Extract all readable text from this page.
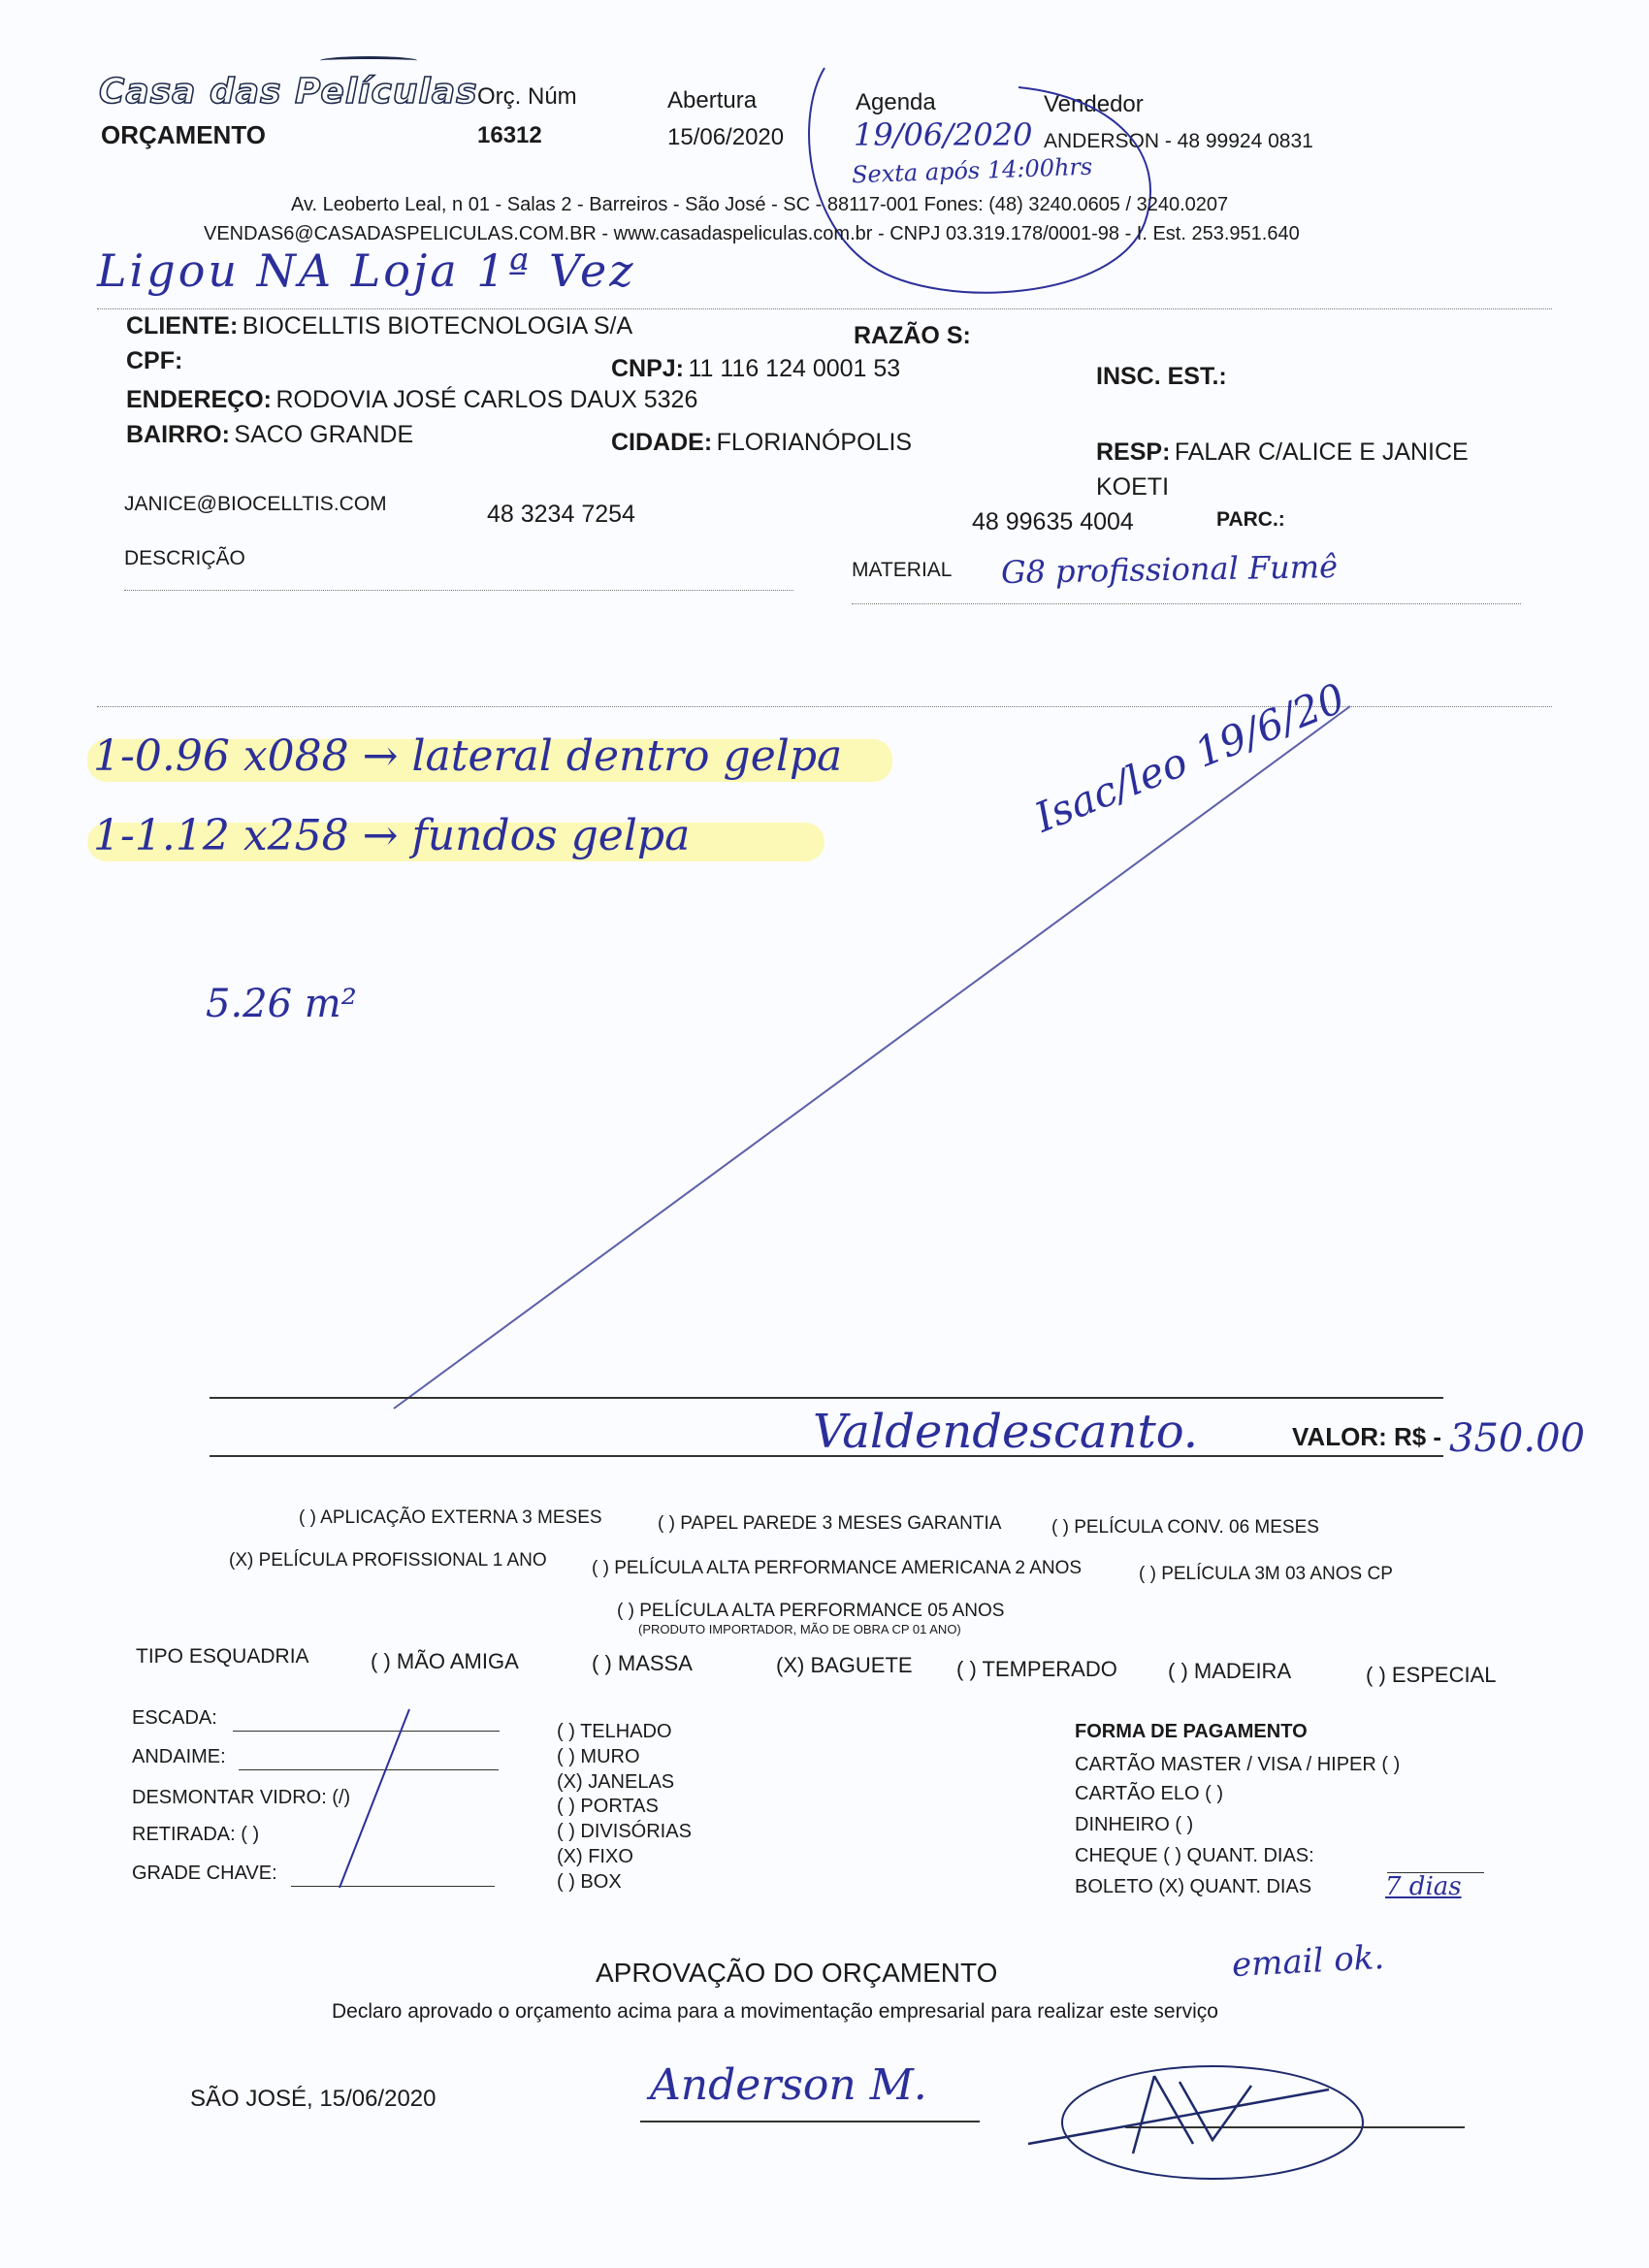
Casa das Películas
ORÇAMENTO
Orç. Núm
16312
Abertura
15/06/2020
Agenda
19/06/2020
Sexta após 14:00hrs
Vendedor
ANDERSON - 48 99924 0831
Av. Leoberto Leal, n 01 - Salas 2 - Barreiros - São José - SC - 88117-001 Fones: (48) 3240.0605 / 3240.0207
VENDAS6@CASADASPELICULAS.COM.BR - www.casadaspeliculas.com.br - CNPJ 03.319.178/0001-98 - I. Est. 253.951.640
Ligou NA Loja 1ª Vez
CLIENTE: BIOCELLTIS BIOTECNOLOGIA S/A	RAZÃO S:
CPF:	CNPJ: 11 116 124 0001 53	INSC. EST.:
ENDEREÇO: RODOVIA JOSÉ CARLOS DAUX 5326
BAIRRO: SACO GRANDE	CIDADE: FLORIANÓPOLIS	RESP: FALAR C/ALICE E JANICE
KOETI
JANICE@BIOCELLTIS.COM	48 3234 7254	48 99635 4004	PARC.:
DESCRIÇÃO
MATERIAL G8 profissional Fumê
1-0.96 x088 → lateral dentro gelpa
1-1.12 x258 → fundos gelpa	Isac/leo 19/6/20
5.26 m²
Valdendescanto.	VALOR: R$ - 350.00
( ) APLICAÇÃO EXTERNA 3 MESES	( ) PAPEL PAREDE 3 MESES GARANTIA	( ) PELÍCULA CONV. 06 MESES
(X) PELÍCULA PROFISSIONAL 1 ANO ( ) PELÍCULA ALTA PERFORMANCE AMERICANA 2 ANOS	( ) PELÍCULA 3M 03 ANOS CP
( ) PELÍCULA ALTA PERFORMANCE 05 ANOS
(PRODUTO IMPORTADOR, MÃO DE OBRA CP 01 ANO)
TIPO ESQUADRIA	( ) MÃO AMIGA	( ) MASSA	(X) BAGUETE ( ) TEMPERADO ( ) MADEIRA	( ) ESPECIAL
ESCADA:
ANDAIME:
DESMONTAR VIDRO: (/)
RETIRADA: ( )
GRADE CHAVE:
( ) TELHADO
( ) MURO
(X) JANELAS
( ) PORTAS
( ) DIVISÓRIAS
(X) FIXO
( ) BOX
FORMA DE PAGAMENTO
CARTÃO MASTER / VISA / HIPER ( )
CARTÃO ELO ( )
DINHEIRO ( )
CHEQUE ( ) QUANT. DIAS:
BOLETO (X) QUANT. DIAS	7 dias
APROVAÇÃO DO ORÇAMENTO	email ok.
Declaro aprovado o orçamento acima para a movimentação empresarial para realizar este serviço
SÃO JOSÉ, 15/06/2020	Anderson M.
